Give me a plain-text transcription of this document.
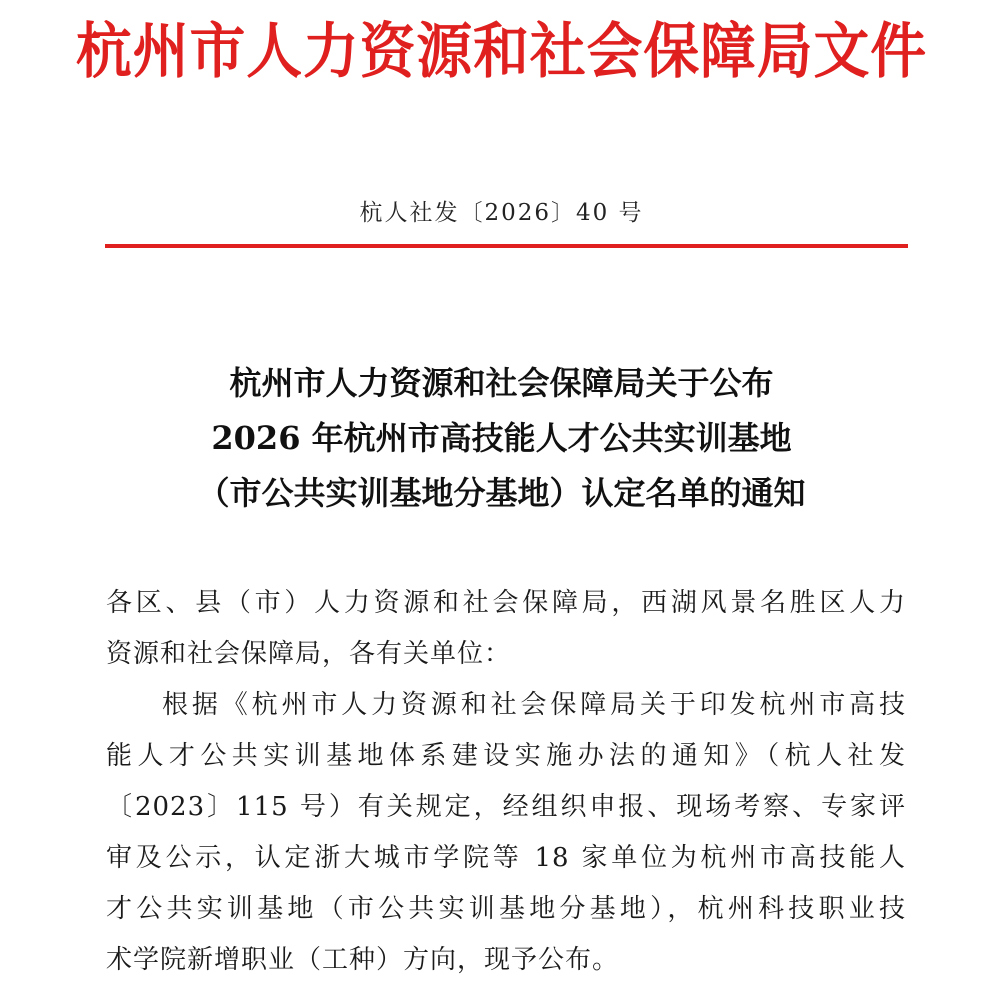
杭州市人力资源和社会保障局文件
杭人社发〔2026〕40 号
杭州市人力资源和社会保障局关于公布
2026 年杭州市高技能人才公共实训基地
（市公共实训基地分基地）认定名单的通知
各区、县（市）人力资源和社会保障局，西湖风景名胜区人力
资源和社会保障局，各有关单位：
根据《杭州市人力资源和社会保障局关于印发杭州市高技
能人才公共实训基地体系建设实施办法的通知》（杭人社发
〔2023〕115 号）有关规定，经组织申报、现场考察、专家评
审及公示，认定浙大城市学院等 18 家单位为杭州市高技能人
才公共实训基地（市公共实训基地分基地），杭州科技职业技
术学院新增职业（工种）方向，现予公布。
